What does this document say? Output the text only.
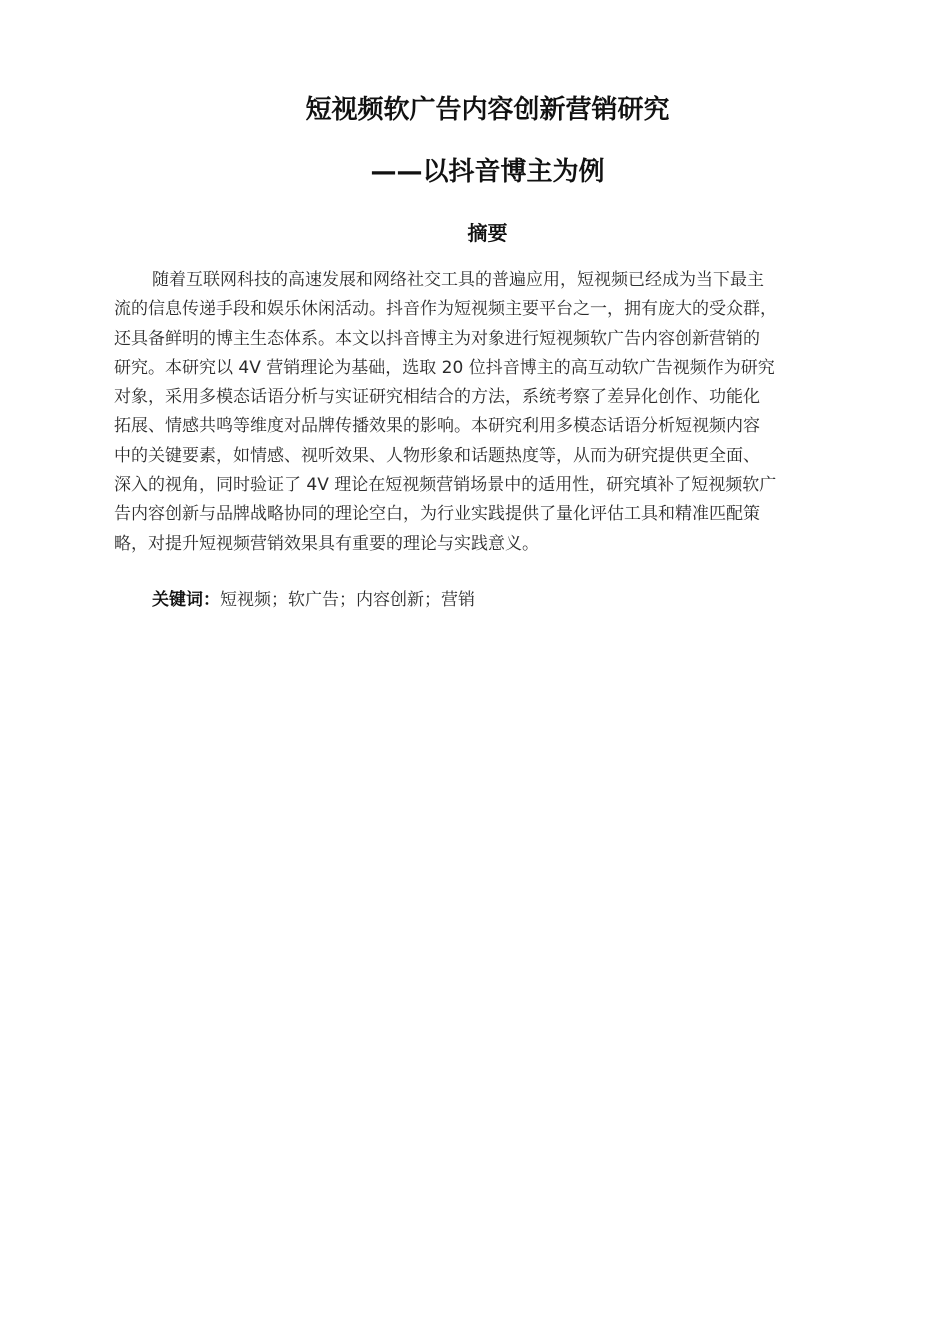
短视频软广告内容创新营销研究
——以抖音博主为例
摘要
随着互联网科技的高速发展和网络社交工具的普遍应用，短视频已经成为当下最主
流的信息传递手段和娱乐休闲活动。抖音作为短视频主要平台之一，拥有庞大的受众群，
还具备鲜明的博主生态体系。本文以抖音博主为对象进行短视频软广告内容创新营销的
研究。本研究以 4V 营销理论为基础，选取 20 位抖音博主的高互动软广告视频作为研究
对象，采用多模态话语分析与实证研究相结合的方法，系统考察了差异化创作、功能化
拓展、情感共鸣等维度对品牌传播效果的影响。本研究利用多模态话语分析短视频内容
中的关键要素，如情感、视听效果、人物形象和话题热度等，从而为研究提供更全面、
深入的视角，同时验证了 4V 理论在短视频营销场景中的适用性，研究填补了短视频软广
告内容创新与品牌战略协同的理论空白，为行业实践提供了量化评估工具和精准匹配策
略，对提升短视频营销效果具有重要的理论与实践意义。
关键词：短视频；软广告；内容创新；营销
